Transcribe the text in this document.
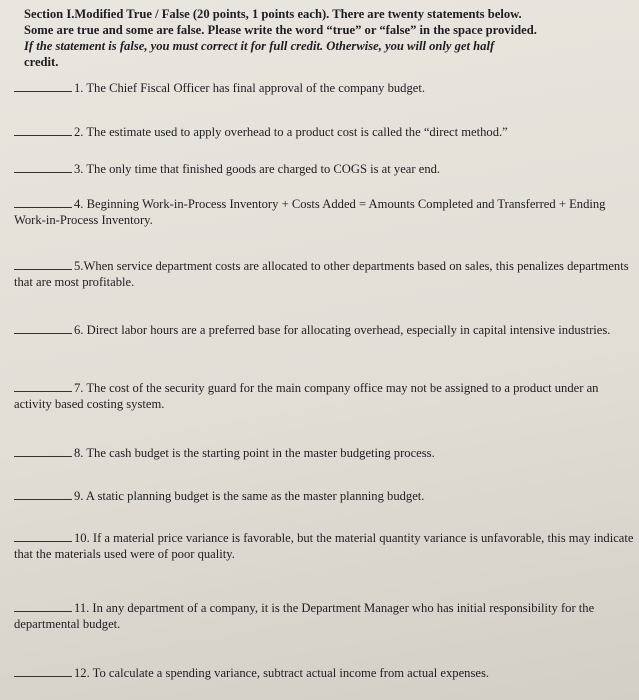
Section I.Modified True / False (20 points, 1 points each). There are twenty statements below.
Some are true and some are false. Please write the word “true” or “false” in the space provided.
If the statement is false, you must correct it for full credit. Otherwise, you will only get half
credit.
1. The Chief Fiscal Officer has final approval of the company budget.
2. The estimate used to apply overhead to a product cost is called the “direct method.”
3. The only time that finished goods are charged to COGS is at year end.
4. Beginning Work-in-Process Inventory + Costs Added = Amounts Completed and Transferred + Ending Work-in-Process Inventory.
5.When service department costs are allocated to other departments based on sales, this penalizes departments that are most profitable.
6. Direct labor hours are a preferred base for allocating overhead, especially in capital intensive industries.
7. The cost of the security guard for the main company office may not be assigned to a product under an activity based costing system.
8. The cash budget is the starting point in the master budgeting process.
9. A static planning budget is the same as the master planning budget.
10. If a material price variance is favorable, but the material quantity variance is unfavorable, this may indicate that the materials used were of poor quality.
11. In any department of a company, it is the Department Manager who has initial responsibility for the departmental budget.
12. To calculate a spending variance, subtract actual income from actual expenses.
